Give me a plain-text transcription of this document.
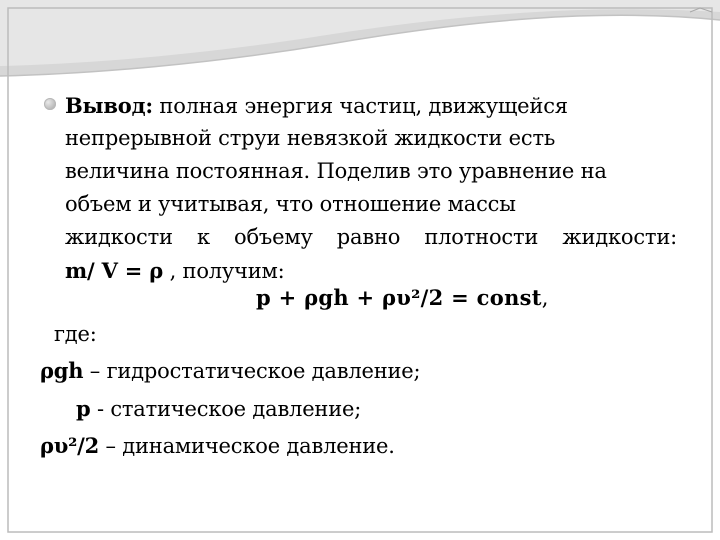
Вывод: полная энергия частиц, движущейся
непрерывной струи невязкой жидкости есть
величина постоянная. Поделив это уравнение на
объем и учитывая, что отношение массы
жидкости к объему равно плотности жидкости:
m/ V = ρ , получим:
p + ρgh + ρυ²/2 = const,
где:
ρgh – гидростатическое давление;
p - статическое давление;
ρυ²/2 – динамическое давление.
